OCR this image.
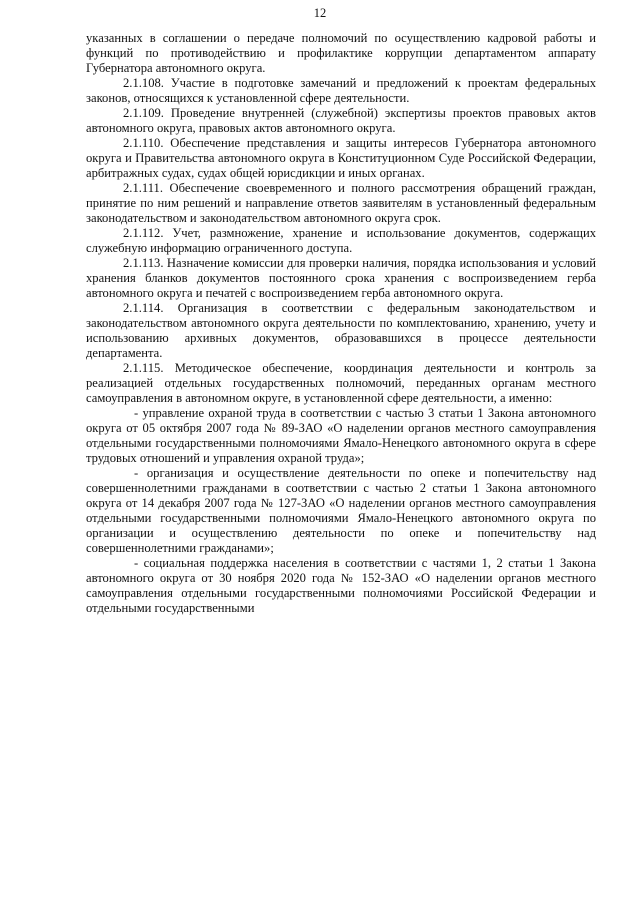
12

указанных в соглашении о передаче полномочий по осуществлению кадровой работы и функций по противодействию и профилактике коррупции департаментом аппарату Губернатора автономного округа.

2.1.108. Участие в подготовке замечаний и предложений к проектам федеральных законов, относящихся к установленной сфере деятельности.

2.1.109. Проведение внутренней (служебной) экспертизы проектов правовых актов автономного округа, правовых актов автономного округа.

2.1.110. Обеспечение представления и защиты интересов Губернатора автономного округа и Правительства автономного округа в Конституционном Суде Российской Федерации, арбитражных судах, судах общей юрисдикции и иных органах.

2.1.111. Обеспечение своевременного и полного рассмотрения обращений граждан, принятие по ним решений и направление ответов заявителям в установленный федеральным законодательством и законодательством автономного округа срок.

2.1.112. Учет, размножение, хранение и использование документов, содержащих служебную информацию ограниченного доступа.

2.1.113. Назначение комиссии для проверки наличия, порядка использования и условий хранения бланков документов постоянного срока хранения с воспроизведением герба автономного округа и печатей с воспроизведением герба автономного округа.

2.1.114. Организация в соответствии с федеральным законодательством и законодательством автономного округа деятельности по комплектованию, хранению, учету и использованию архивных документов, образовавшихся в процессе деятельности департамента.

2.1.115. Методическое обеспечение, координация деятельности и контроль за реализацией отдельных государственных полномочий, переданных органам местного самоуправления в автономном округе, в установленной сфере деятельности, а именно:

- управление охраной труда в соответствии с частью 3 статьи 1 Закона автономного округа от 05 октября 2007 года № 89-ЗАО «О наделении органов местного самоуправления отдельными государственными полномочиями Ямало-Ненецкого автономного округа в сфере трудовых отношений и управления охраной труда»;

- организация и осуществление деятельности по опеке и попечительству над совершеннолетними гражданами в соответствии с частью 2 статьи 1 Закона автономного округа от 14 декабря 2007 года № 127-ЗАО «О наделении органов местного самоуправления отдельными государственными полномочиями Ямало-Ненецкого автономного округа по организации и осуществлению деятельности по опеке и попечительству над совершеннолетними гражданами»;

- социальная поддержка населения в соответствии с частями 1, 2 статьи 1 Закона автономного округа от 30 ноября 2020 года № 152-ЗАО «О наделении органов местного самоуправления отдельными государственными полномочиями Российской Федерации и отдельными государственными
